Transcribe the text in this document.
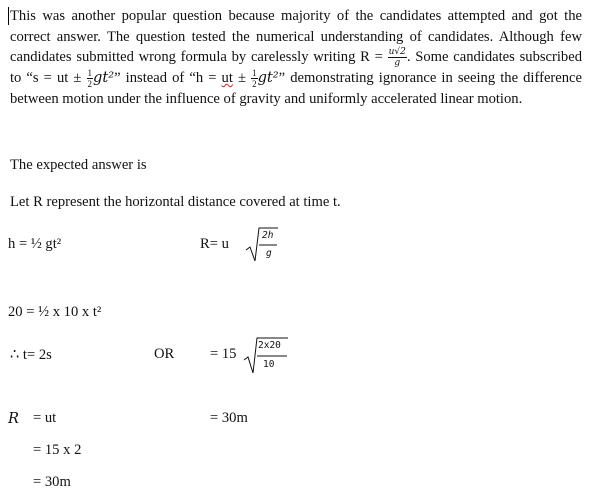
This was another popular question because majority of the candidates attempted and got the correct answer. The question tested the numerical understanding of candidates. Although few candidates submitted wrong formula by carelessly writing $R = \frac{u√2}{g}$ . Some candidates subscribed to “s = ut ± $\frac{1}{2} gt^2$” instead of “h = ut ± $\frac{1}{2} gt^2$” demonstrating ignorance in seeing the difference between motion under the influence of gravity and uniformly accelerated linear motion.
The expected answer is
Let R represent the horizontal distance covered at time t.
h = ½ gt²	R= u
2h
g
20 = ½ x 10 x t²
∴ t= 2s	OR = 15
2x20
10
R = ut	= 30m
= 15 x 2
= 30m
